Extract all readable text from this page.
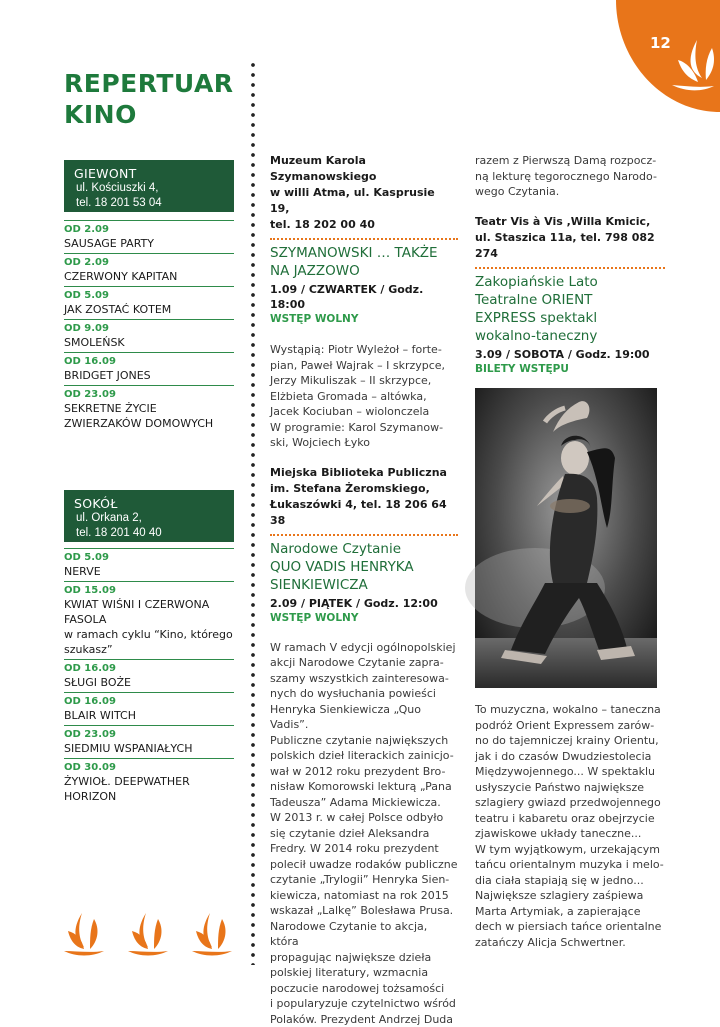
12
REPERTUAR
KINO
GIEWONT
ul. Kościuszki 4,
tel. 18 201 53 04
OD 2.09
SAUSAGE PARTY
OD 2.09
CZERWONY KAPITAN
OD 5.09
JAK ZOSTAĆ KOTEM
OD 9.09
SMOLEŃSK
OD 16.09
BRIDGET JONES
OD 23.09
SEKRETNE ŻYCIE ZWIERZAKÓW DOMOWYCH
SOKÓŁ
ul. Orkana 2,
tel. 18 201 40 40
OD 5.09
NERVE
OD 15.09
KWIAT WIŚNI I CZERWONA FASOLA
w ramach cyklu “Kino, którego szukasz”
OD 16.09
SŁUGI BOŻE
OD 16.09
BLAIR WITCH
OD 23.09
SIEDMIU WSPANIAŁYCH
OD 30.09
ŻYWIOŁ. DEEPWATHER HORIZON
Muzeum Karola Szymanowskiego
w willi Atma, ul. Kasprusie 19,
tel. 18 202 00 40
SZYMANOWSKI … TAKŻE
NA JAZZOWO
1.09 / CZWARTEK / Godz. 18:00
WSTĘP WOLNY

Wystąpią: Piotr Wyleżoł – forte-

pian, Paweł Wajrak – I skrzypce,

Jerzy Mikuliszak – II skrzypce,

Elżbieta Gromada – altówka,

Jacek Kociuban – wiolonczela

W programie: Karol Szymanow-

ski, Wojciech Łyko

Miejska Biblioteka Publiczna
im. Stefana Żeromskiego,
Łukaszówki 4, tel. 18 206 64 38
Narodowe Czytanie
QUO VADIS HENRYKA
SIENKIEWICZA
2.09 / PIĄTEK / Godz. 12:00
WSTĘP WOLNY

W ramach V edycji ogólnopolskiej

akcji Narodowe Czytanie zapra-

szamy wszystkich zainteresowa-

nych do wysłuchania powieści

Henryka Sienkiewicza „Quo Vadis”.

Publiczne czytanie największych

polskich dzieł literackich zainicjo-

wał w 2012 roku prezydent Bro-

nisław Komorowski lekturą „Pana

Tadeusza” Adama Mickiewicza.

W 2013 r. w całej Polsce odbyło

się czytanie dzieł Aleksandra

Fredry. W 2014 roku prezydent

polecił uwadze rodaków publiczne

czytanie „Trylogii” Henryka Sien-

kiewicza, natomiast na rok 2015

wskazał „Lalkę” Bolesława Prusa.

Narodowe Czytanie to akcja, która

propagując największe dzieła

polskiej literatury, wzmacnia

poczucie narodowej tożsamości

i popularyzuje czytelnictwo wśród

Polaków. Prezydent Andrzej Duda

razem z Pierwszą Damą rozpocz-

ną lekturę tegorocznego Narodo-

wego Czytania.

Teatr Vis à Vis ,Willa Kmicic,
ul. Staszica 11a, tel. 798 082 274
Zakopiańskie Lato
Teatralne ORIENT
EXPRESS spektakl
wokalno-taneczny
3.09 / SOBOTA / Godz. 19:00
BILETY WSTĘPU

To muzyczna, wokalno – taneczna

podróż Orient Expressem zarów-

no do tajemniczej krainy Orientu,

jak i do czasów Dwudziestolecia

Międzywojennego... W spektaklu

usłyszycie Państwo największe

szlagiery gwiazd przedwojennego

teatru i kabaretu oraz obejrzycie

zjawiskowe układy taneczne...

W tym wyjątkowym, urzekającym

tańcu orientalnym muzyka i melo-

dia ciała stapiają się w jedno...

Największe szlagiery zaśpiewa

Marta Artymiak, a zapierające

dech w piersiach tańce orientalne

zatańczy Alicja Schwertner.
